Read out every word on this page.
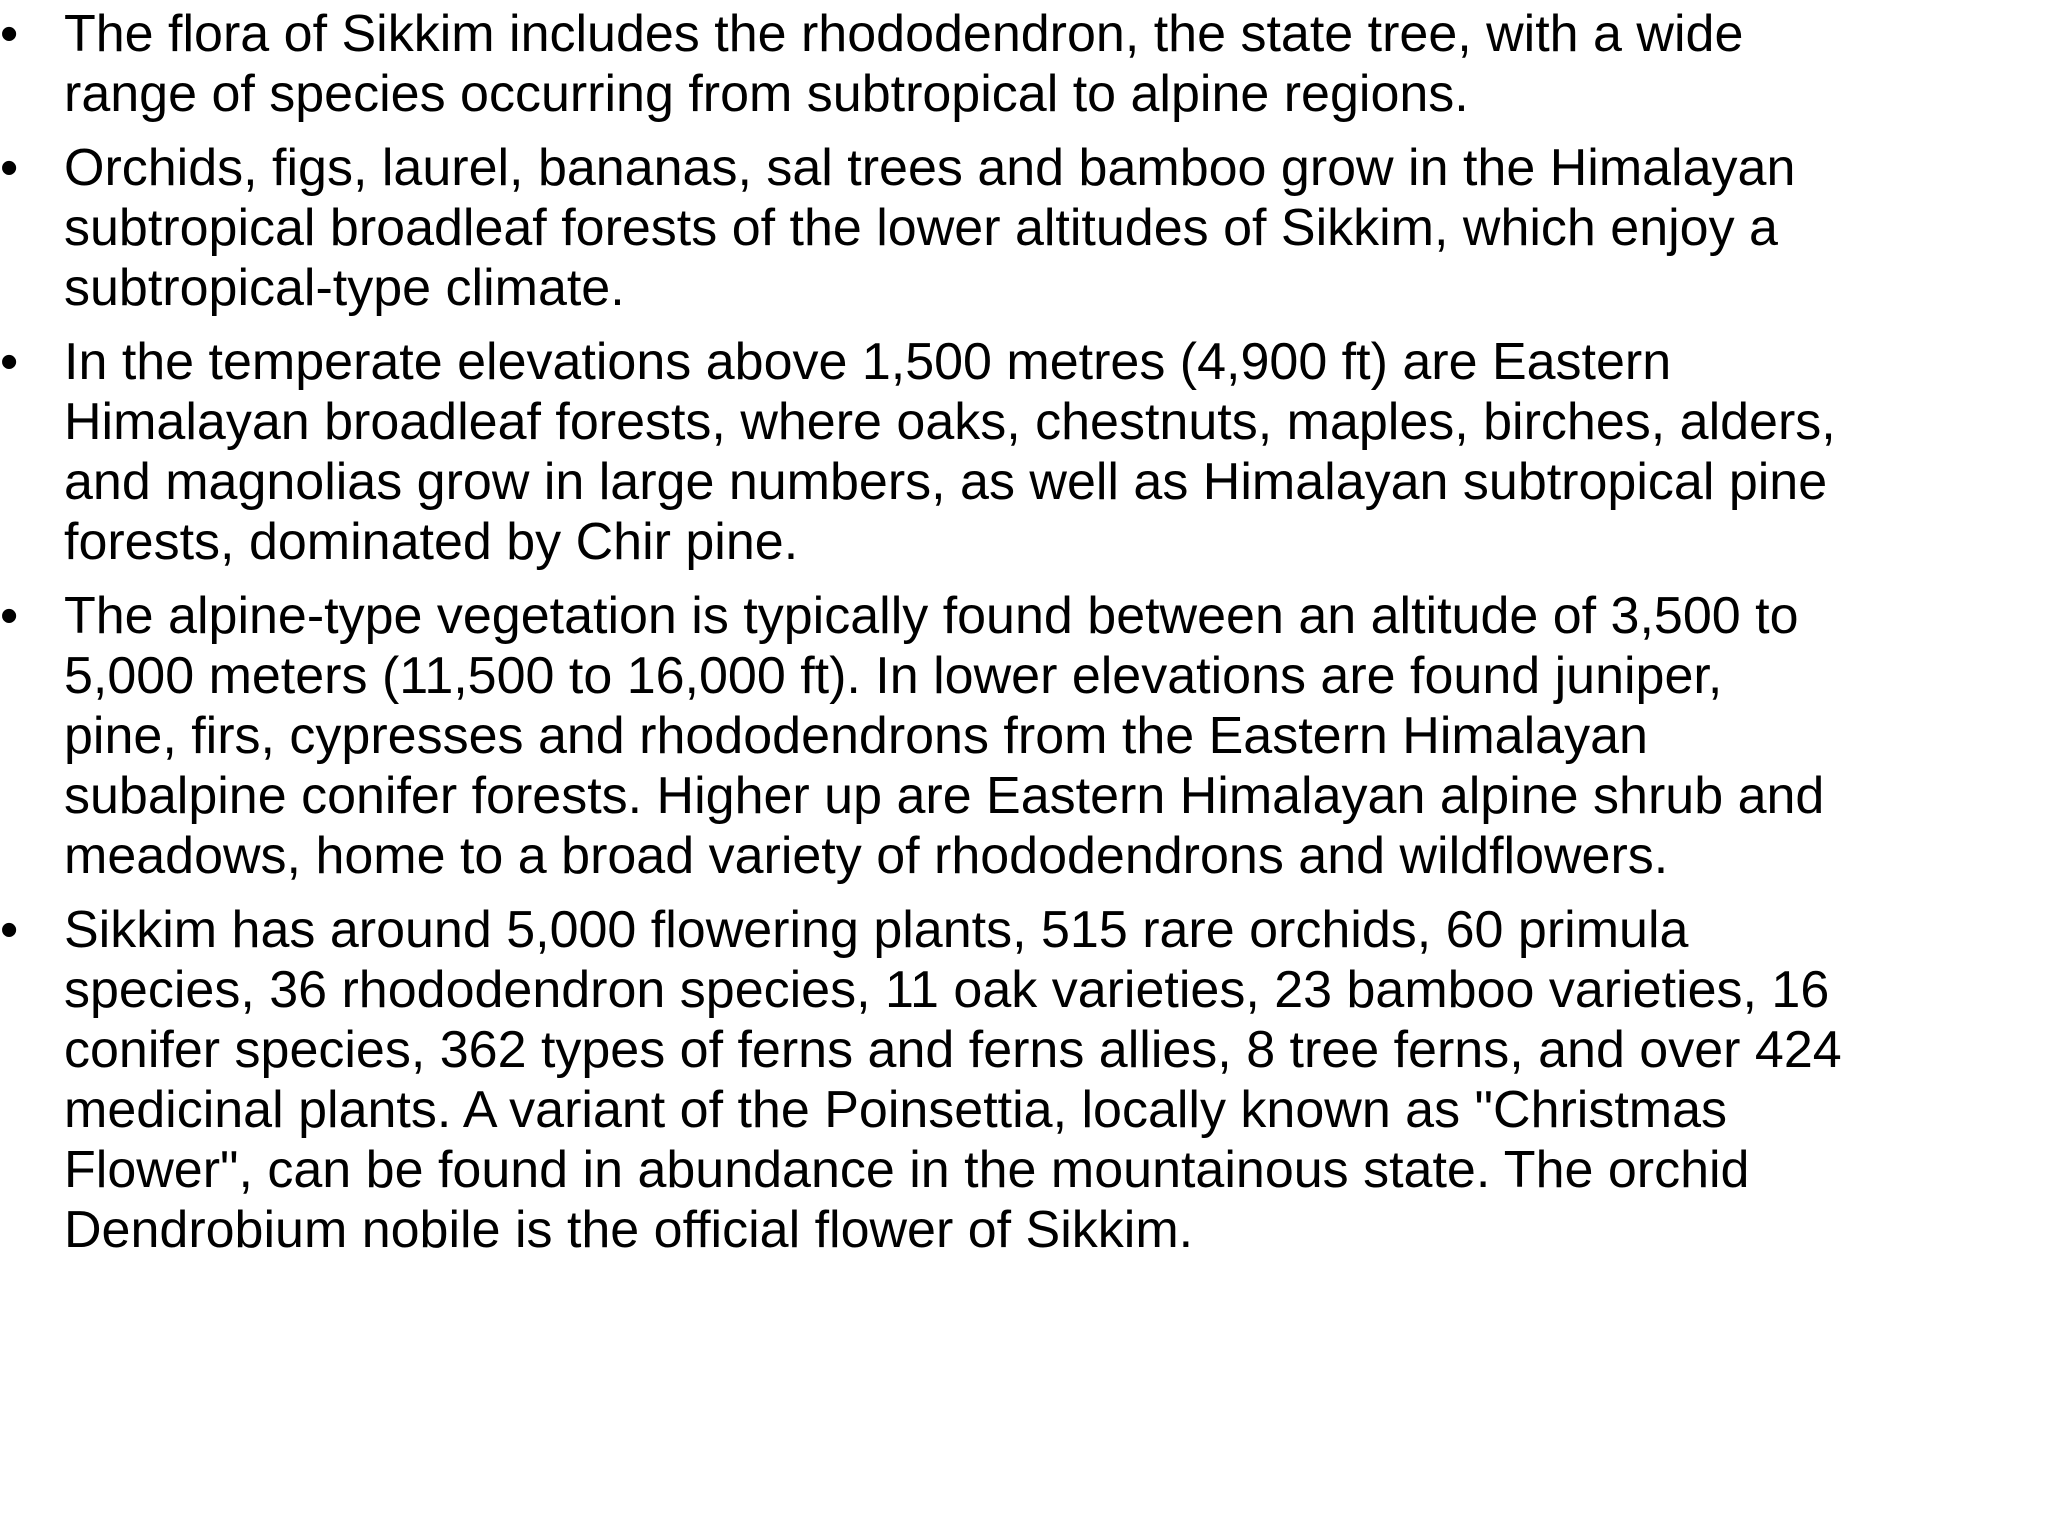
• The flora of Sikkim includes the rhododendron, the state tree, with a wide
range of species occurring from subtropical to alpine regions.
• Orchids, figs, laurel, bananas, sal trees and bamboo grow in the Himalayan
subtropical broadleaf forests of the lower altitudes of Sikkim, which enjoy a
subtropical-type climate.
• In the temperate elevations above 1,500 metres (4,900 ft) are Eastern
Himalayan broadleaf forests, where oaks, chestnuts, maples, birches, alders,
and magnolias grow in large numbers, as well as Himalayan subtropical pine
forests, dominated by Chir pine.
• The alpine-type vegetation is typically found between an altitude of 3,500 to
5,000 meters (11,500 to 16,000 ft). In lower elevations are found juniper,
pine, firs, cypresses and rhododendrons from the Eastern Himalayan
subalpine conifer forests. Higher up are Eastern Himalayan alpine shrub and
meadows, home to a broad variety of rhododendrons and wildflowers.
• Sikkim has around 5,000 flowering plants, 515 rare orchids, 60 primula
species, 36 rhododendron species, 11 oak varieties, 23 bamboo varieties, 16
conifer species, 362 types of ferns and ferns allies, 8 tree ferns, and over 424
medicinal plants. A variant of the Poinsettia, locally known as "Christmas
Flower", can be found in abundance in the mountainous state. The orchid
Dendrobium nobile is the official flower of Sikkim.
